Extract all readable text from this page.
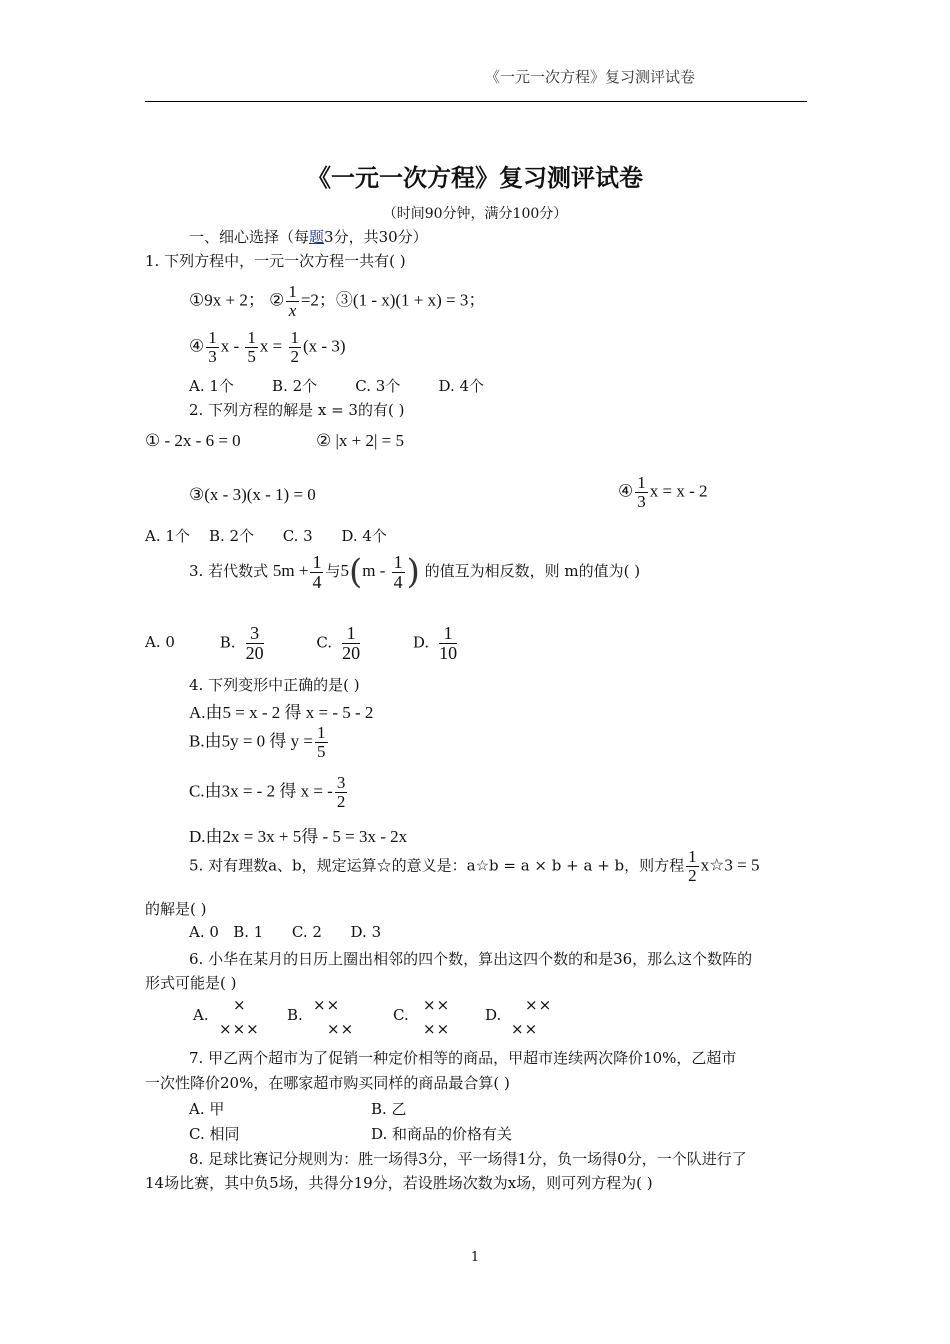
《一元一次方程》复习测评试卷
《一元一次方程》复习测评试卷
（时间90分钟，满分100分）
一、细心选择（每题3分，共30分）
1. 下列方程中，一元一次方程一共有( )
①9x + 2； ② $\frac{1}{x} =2$；③(1 - x)(1 + x) = 3；
④ $\frac{1}{3}$ x - $\frac{1}{5}$ $x = \frac{1}{2} (x - 3)$
A. 1个        B. 2个        C. 3个        D. 4个
2. 下列方程的解是 x = 3的有( )
① - 2x - 6 = 0	② |x + 2| = 5
③(x - 3)(x - 1) = 0	④ $\frac{1}{3}$ x = x - 2
A. 1个    B. 2个      C. 3      D. 4个
3. 若代数式 $5m + \frac{1}{4}$ 与$5(m - \frac{1}{4}$ ) 的值互为相反数，则 m的值为( )
A. 0	B. $\frac{3}{20}$	C. $\frac{1}{20}$	D. $\frac{1}{10}$
4. 下列变形中正确的是( )
A.由5 = x - 2 得 x = - 5 - 2
B.由5y = 0 得 $y = \frac{1}{5}$
C.由3x = - 2 得 x = - $\frac{3}{2}$
D.由2x = 3x + 5得 - 5 = 3x - 2x
5. 对有理数a、b，规定运算☆的意义是：a☆b = a × b + a + b，则方程 $\frac{1}{2}$ x☆3 = 5
的解是( )
A. 0   B. 1      C. 2      D. 3
6. 小华在某月的日历上圈出相邻的四个数，算出这四个数的和是36，那么这个数阵的
形式可能是( )
A.
×
×××
B.
××
××
C.
××
××
D.
××
××
7. 甲乙两个超市为了促销一种定价相等的商品，甲超市连续两次降价10%，乙超市
一次性降价20%，在哪家超市购买同样的商品最合算( )
A. 甲	B. 乙
C. 相同	D. 和商品的价格有关
8. 足球比赛记分规则为：胜一场得3分，平一场得1分，负一场得0分，一个队进行了
14场比赛，其中负5场，共得分19分，若设胜场次数为x场，则可列方程为( )
1
